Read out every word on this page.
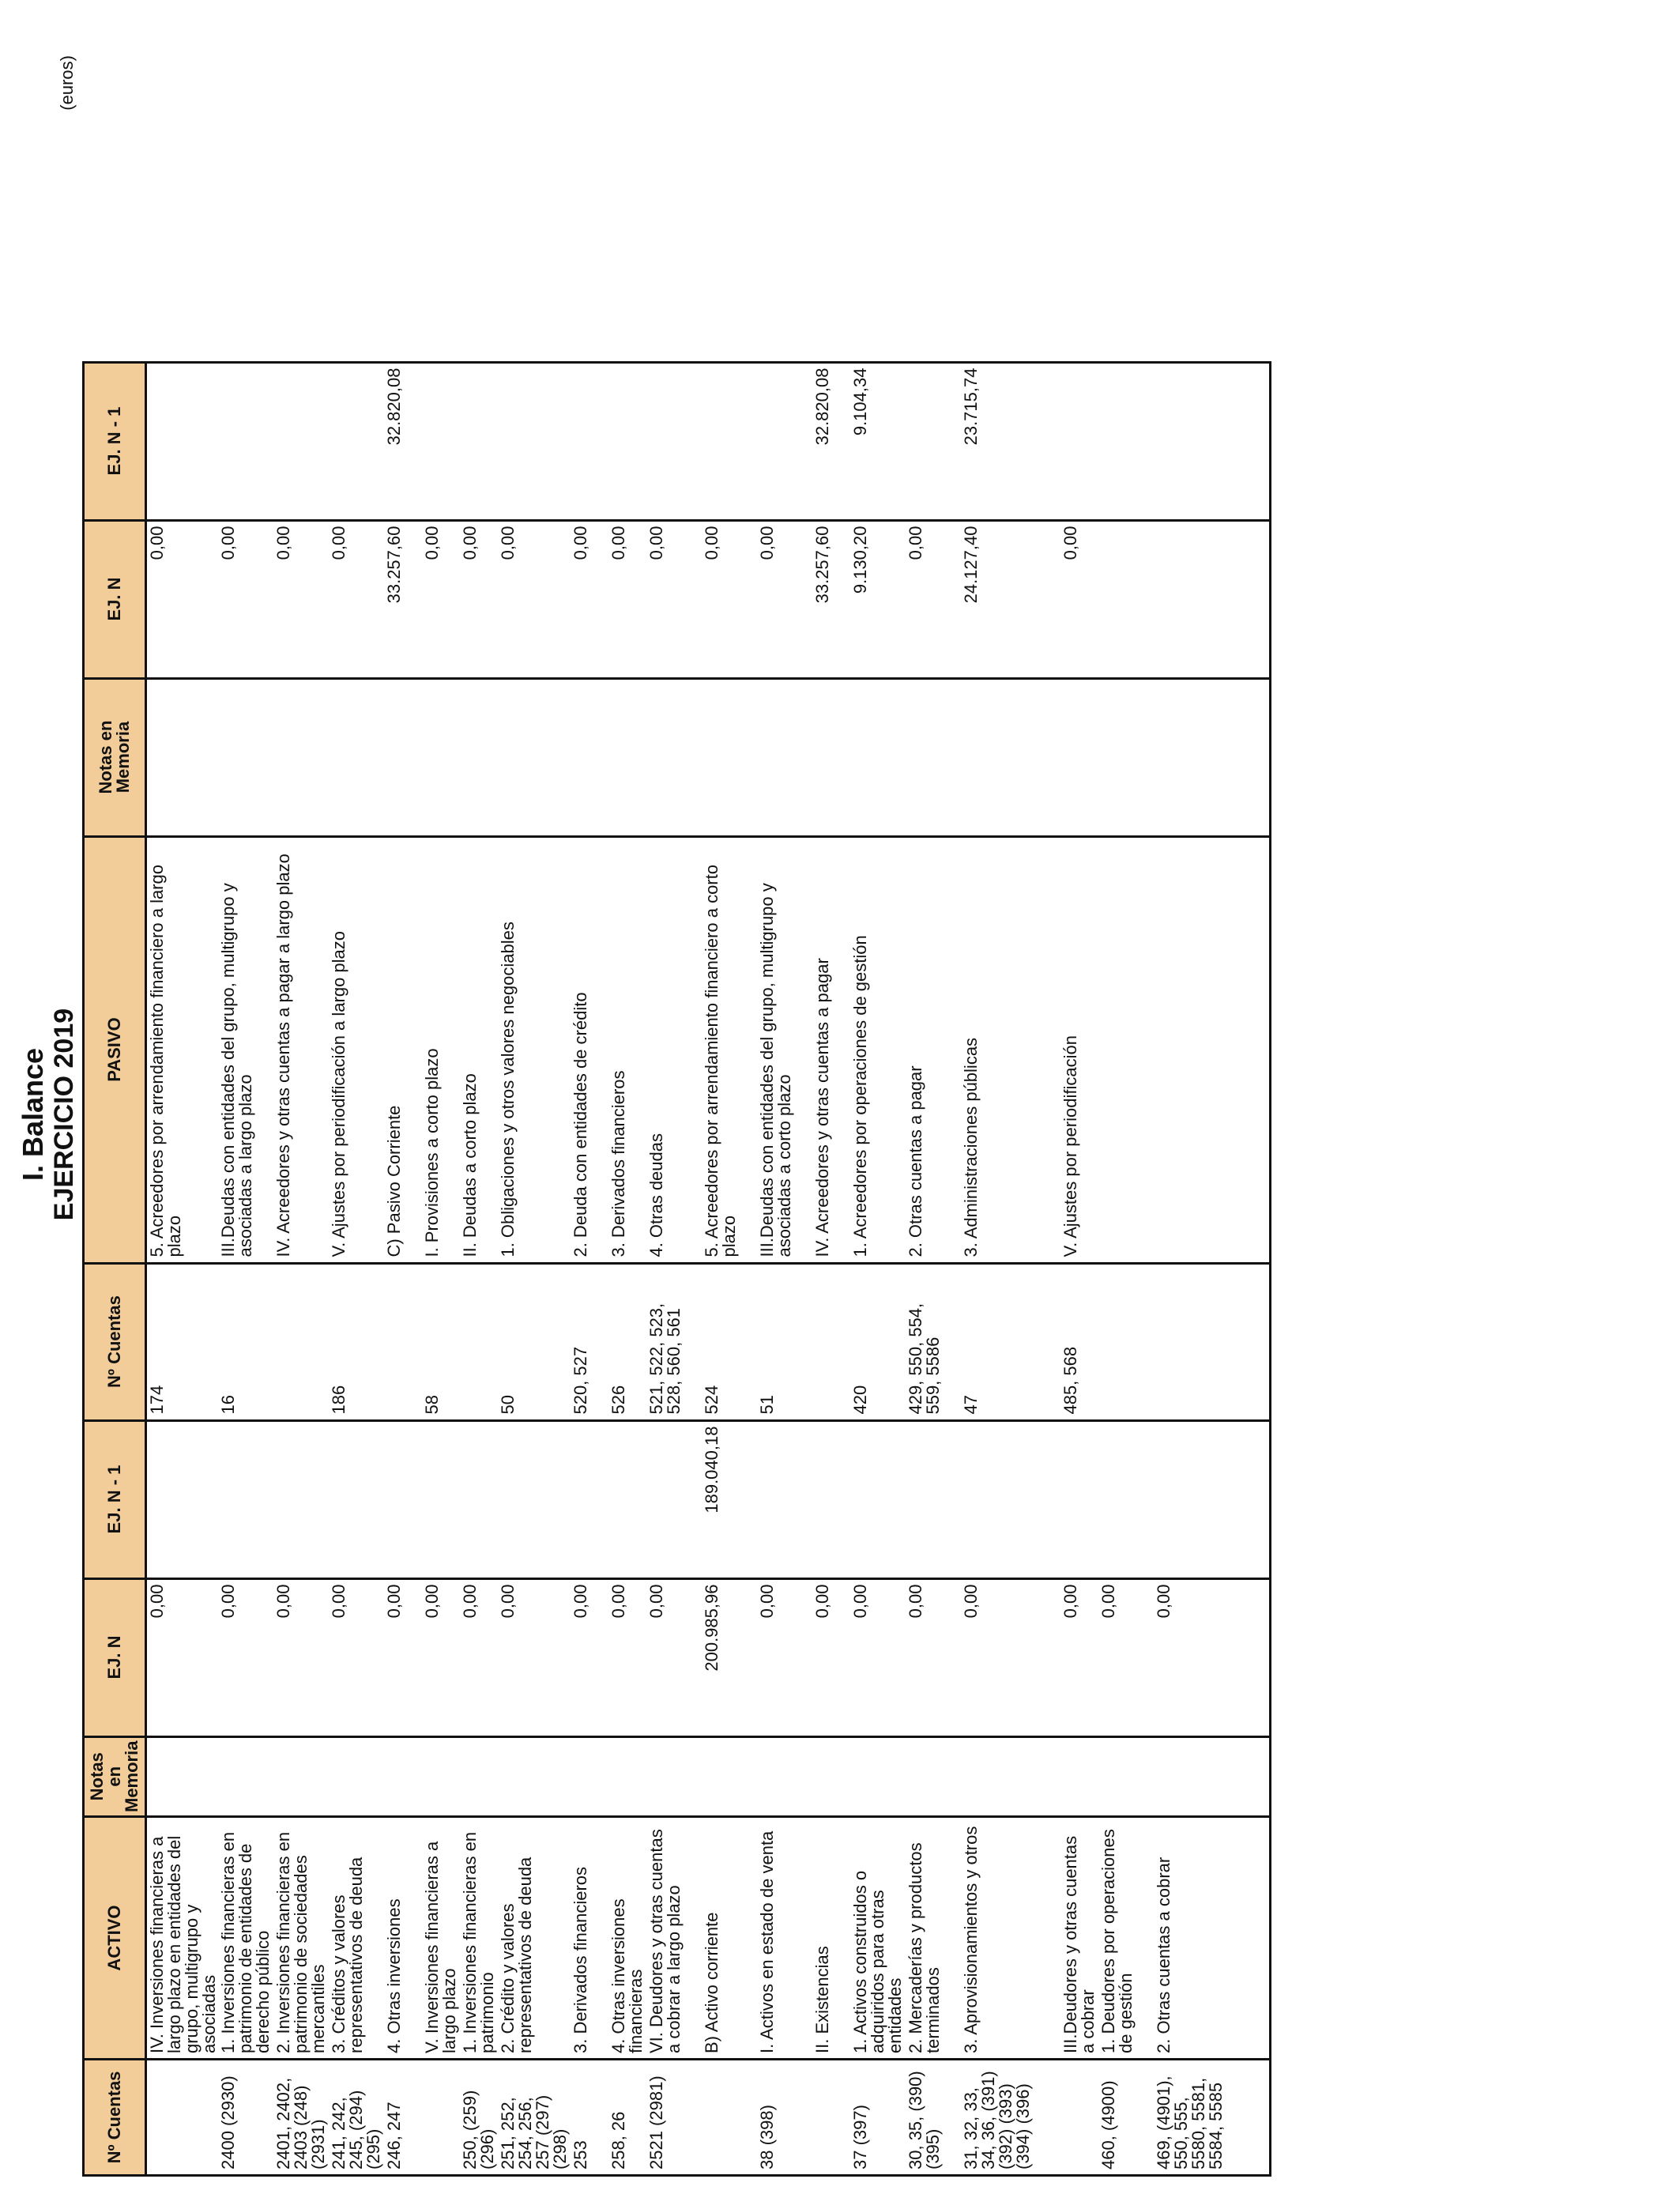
I. Balance EJERCICIO 2019
(euros)
Nº Cuentas	ACTIVO	Notas en Memoria	EJ. N	EJ. N - 1	Nº Cuentas	PASIVO	Notas en Memoria	EJ. N	EJ. N - 1
	IV. Inversiones financieras a largo plazo en entidades del grupo, multigrupo y asociadas		0,00		174	5. Acreedores por arrendamiento financiero a largo plazo		0,00	
2400 (2930)	1. Inversiones financieras en patrimonio de entidades de derecho público		0,00		16	III.Deudas con entidades del grupo, multigrupo y asociadas a largo plazo		0,00	
2401, 2402, 2403 (248) (2931)	2. Inversiones financieras en patrimonio de sociedades mercantiles		0,00			IV. Acreedores y otras cuentas a pagar a largo plazo		0,00	
241, 242, 245, (294) (295)	3. Créditos y valores representativos de deuda		0,00		186	V. Ajustes por periodificación a largo plazo		0,00	
246, 247	4. Otras inversiones		0,00			C) Pasivo Corriente		33.257,60	32.820,08
	V. Inversiones financieras a largo plazo		0,00		58	I. Provisiones a corto plazo		0,00	
250, (259) (296)	1. Inversiones financieras en patrimonio		0,00			II. Deudas a corto plazo		0,00	
251, 252, 254, 256, 257 (297) (298)	2. Crédito y valores representativos de deuda		0,00		50	1. Obligaciones y otros valores negociables		0,00	
253	3. Derivados financieros		0,00		520, 527	2. Deuda con entidades de crédito		0,00	
258, 26	4. Otras inversiones financieras		0,00		526	3. Derivados financieros		0,00	
2521 (2981)	VI. Deudores y otras cuentas a cobrar a largo plazo		0,00		521, 522, 523, 528, 560, 561	4. Otras deudas		0,00	
	B) Activo corriente		200.985,96	189.040,18	524	5. Acreedores por arrendamiento financiero a corto plazo		0,00	
38 (398)	I. Activos en estado de venta		0,00		51	III.Deudas con entidades del grupo, multigrupo y asociadas a corto plazo		0,00	
	II. Existencias		0,00			IV. Acreedores y otras cuentas a pagar		33.257,60	32.820,08
37 (397)	1. Activos construidos o adquiridos para otras entidades		0,00		420	1. Acreedores por operaciones de gestión		9.130,20	9.104,34
30, 35, (390) (395)	2. Mercaderías y productos terminados		0,00		429, 550, 554, 559, 5586	2. Otras cuentas a pagar		0,00	
31, 32, 33, 34, 36, (391) (392) (393) (394) (396)	3. Aprovisionamientos y otros		0,00		47	3. Administraciones públicas		24.127,40	23.715,74
	III.Deudores y otras cuentas a cobrar		0,00		485, 568	V. Ajustes por periodificación		0,00	
460, (4900)	1. Deudores por operaciones de gestión		0,00						
469, (4901), 550, 555, 5580, 5581, 5584, 5585	2. Otras cuentas a cobrar		0,00						
